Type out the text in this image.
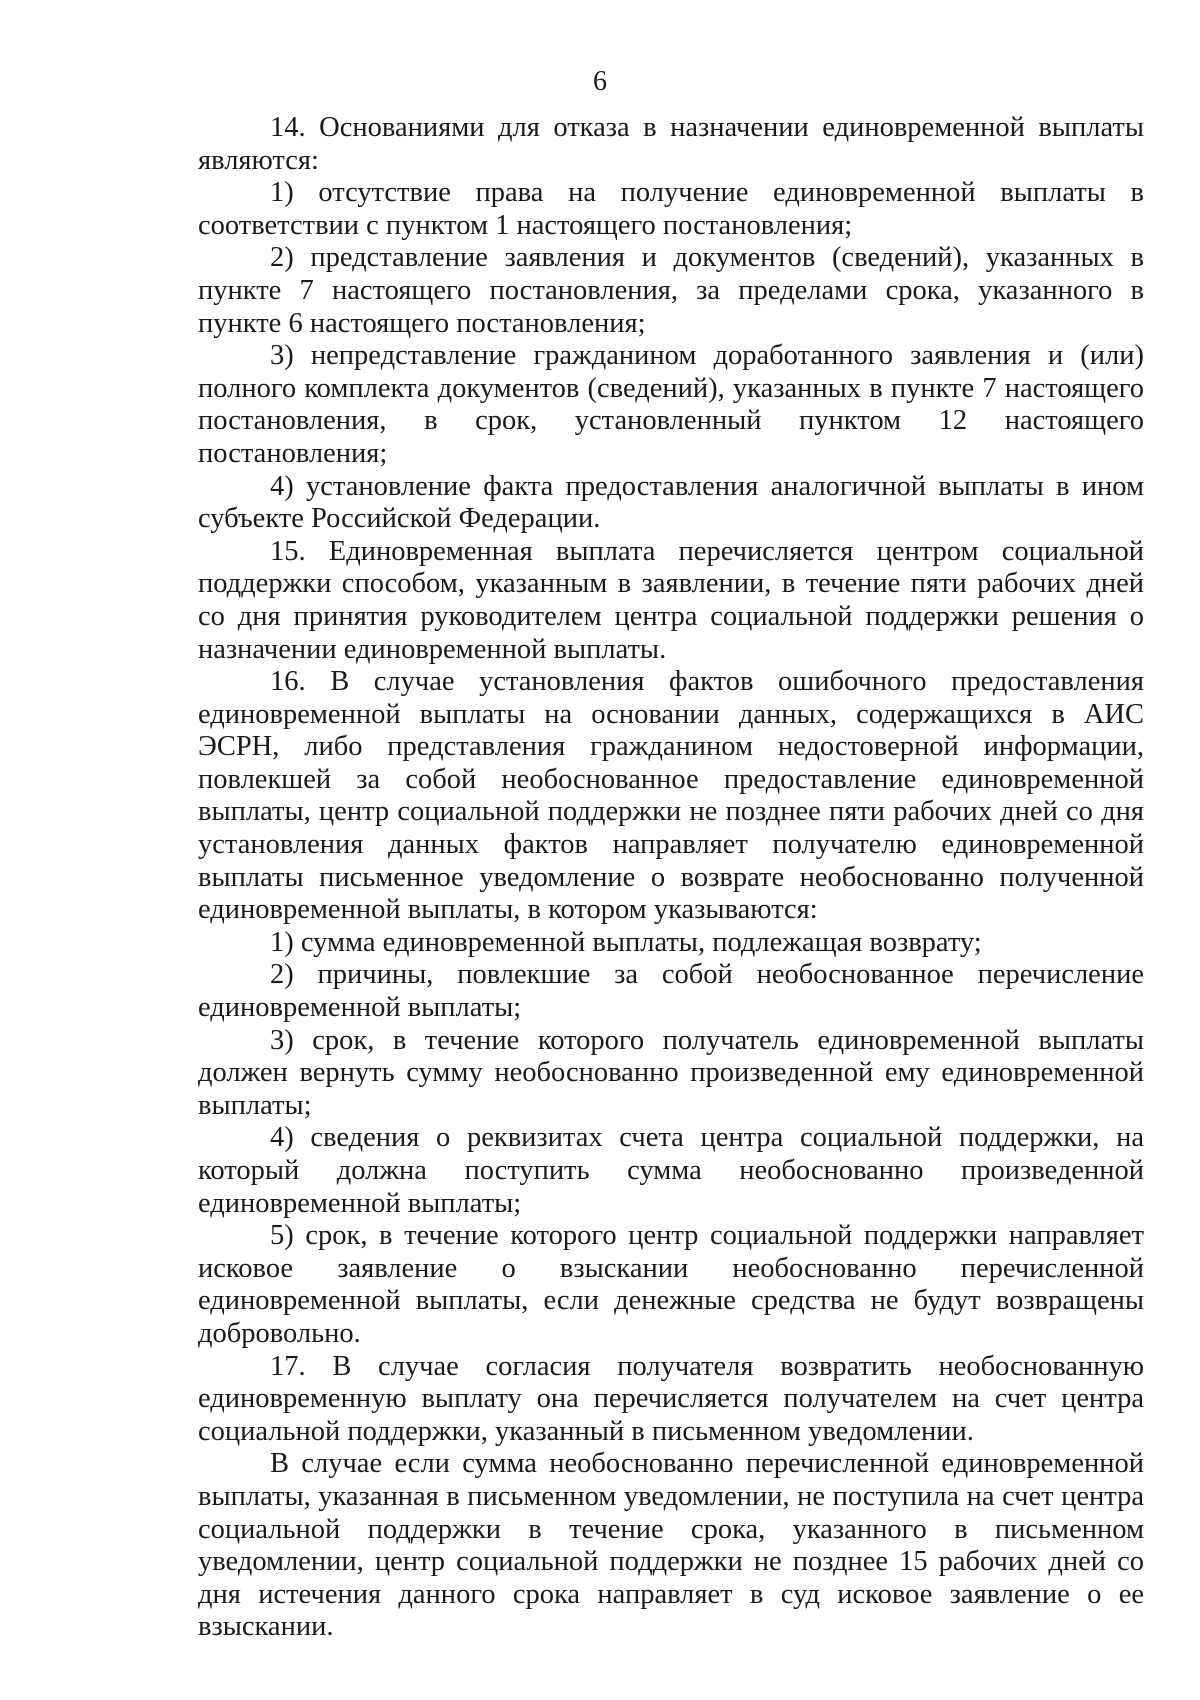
6

14. Основаниями для отказа в назначении единовременной выплаты являются:

1) отсутствие права на получение единовременной выплаты в соответствии с пунктом 1 настоящего постановления;

2) представление заявления и документов (сведений), указанных в пункте 7 настоящего постановления, за пределами срока, указанного в пункте 6 настоящего постановления;

3) непредставление гражданином доработанного заявления и (или) полного комплекта документов (сведений), указанных в пункте 7 настоящего постановления, в срок, установленный пунктом 12 настоящего постановления;

4) установление факта предоставления аналогичной выплаты в ином субъекте Российской Федерации.

15. Единовременная выплата перечисляется центром социальной поддержки способом, указанным в заявлении, в течение пяти рабочих дней со дня принятия руководителем центра социальной поддержки решения о назначении единовременной выплаты.

16. В случае установления фактов ошибочного предоставления единовременной выплаты на основании данных, содержащихся в АИС ЭСРН, либо представления гражданином недостоверной информации, повлекшей за собой необоснованное предоставление единовременной выплаты, центр социальной поддержки не позднее пяти рабочих дней со дня установления данных фактов направляет получателю единовременной выплаты письменное уведомление о возврате необоснованно полученной единовременной выплаты, в котором указываются:

1) сумма единовременной выплаты, подлежащая возврату;

2) причины, повлекшие за собой необоснованное перечисление единовременной выплаты;

3) срок, в течение которого получатель единовременной выплаты должен вернуть сумму необоснованно произведенной ему единовременной выплаты;

4) сведения о реквизитах счета центра социальной поддержки, на который должна поступить сумма необоснованно произведенной единовременной выплаты;

5) срок, в течение которого центр социальной поддержки направляет исковое заявление о взыскании необоснованно перечисленной единовременной выплаты, если денежные средства не будут возвращены добровольно.

17. В случае согласия получателя возвратить необоснованную единовременную выплату она перечисляется получателем на счет центра социальной поддержки, указанный в письменном уведомлении.

В случае если сумма необоснованно перечисленной единовременной выплаты, указанная в письменном уведомлении, не поступила на счет центра социальной поддержки в течение срока, указанного в письменном уведомлении, центр социальной поддержки не позднее 15 рабочих дней со дня истечения данного срока направляет в суд исковое заявление о ее взыскании.
